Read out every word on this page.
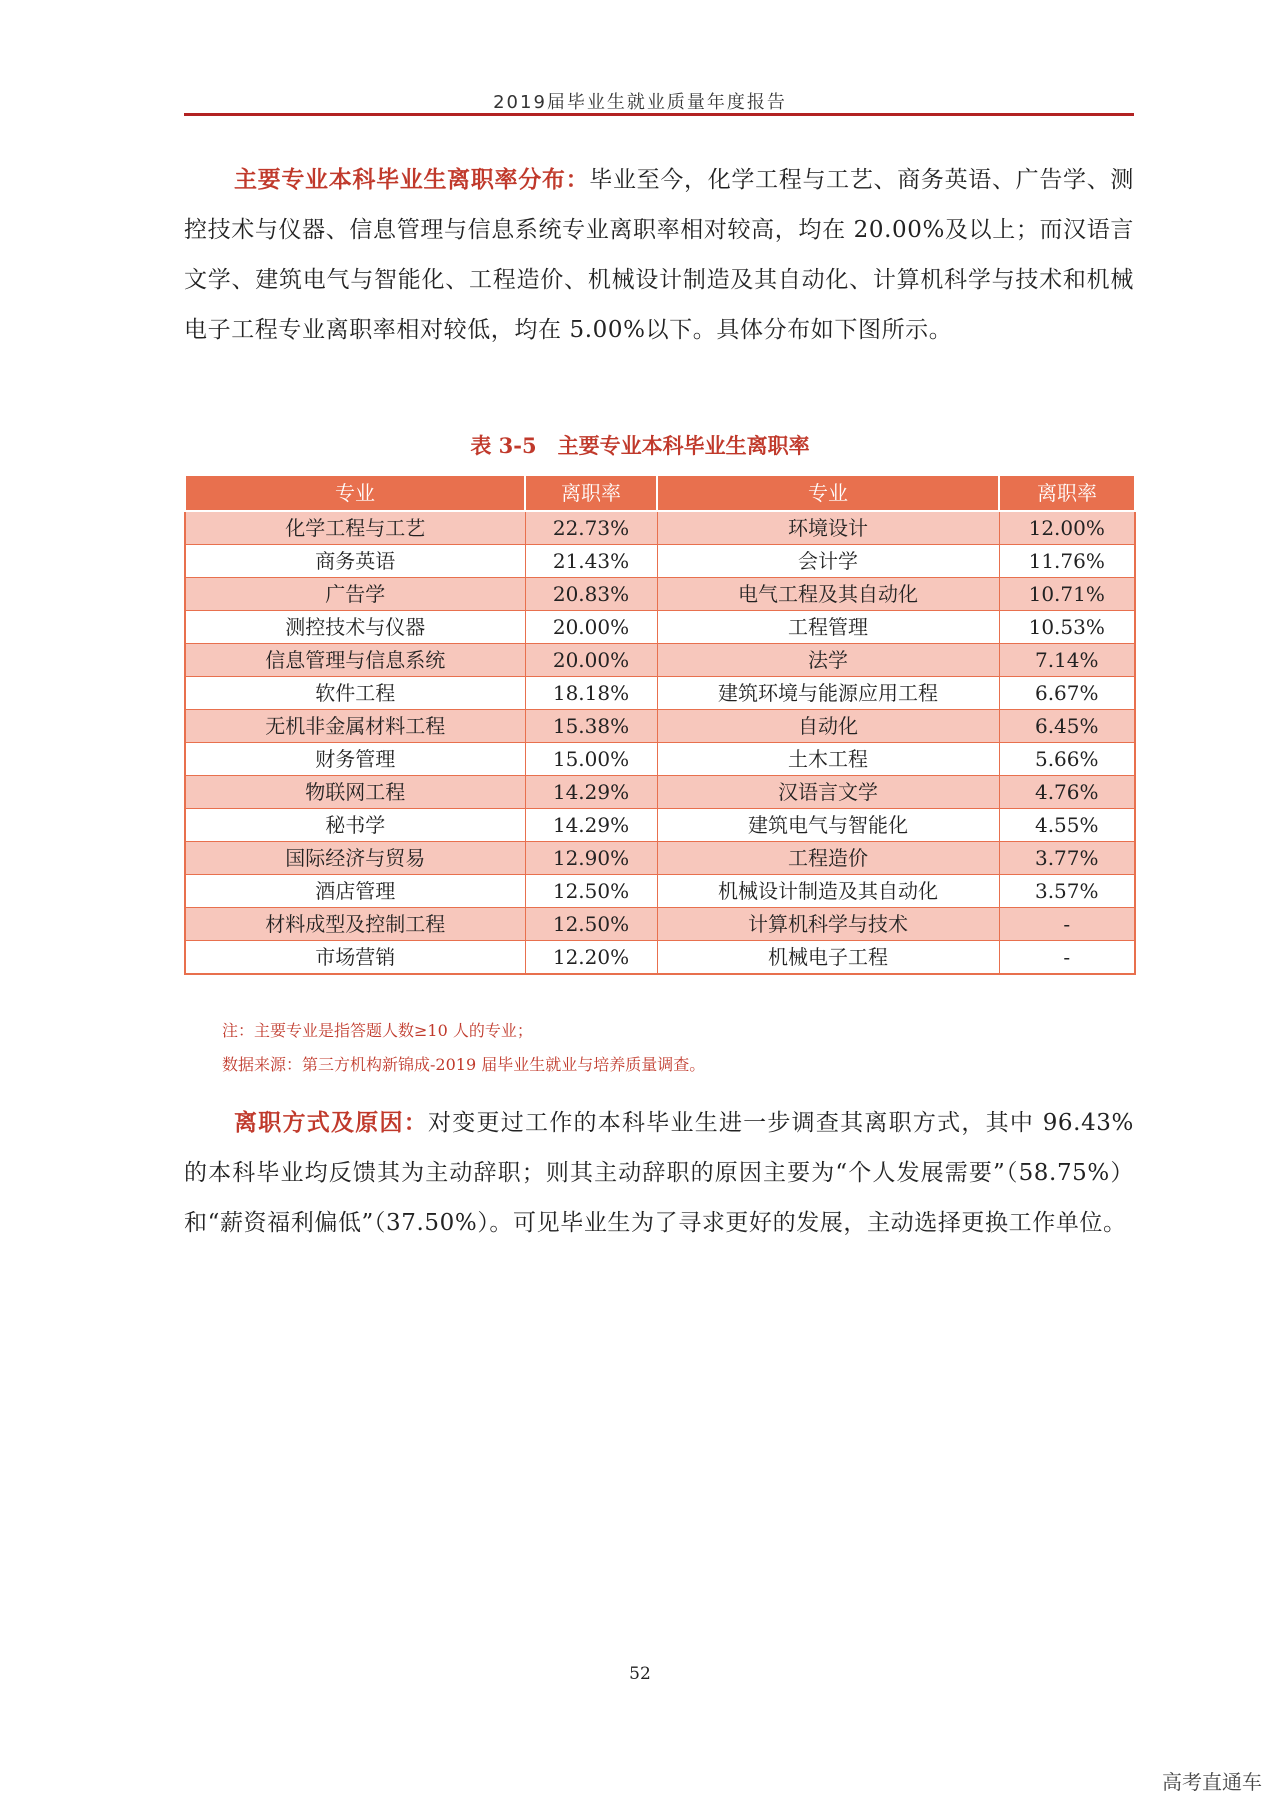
2019届毕业生就业质量年度报告
主要专业本科毕业生离职率分布：毕业至今，化学工程与工艺、商务英语、广告学、测控技术与仪器、信息管理与信息系统专业离职率相对较高，均在 20.00%及以上；而汉语言文学、建筑电气与智能化、工程造价、机械设计制造及其自动化、计算机科学与技术和机械电子工程专业离职率相对较低，均在 5.00%以下。具体分布如下图所示。
表 3-5　主要专业本科毕业生离职率
专业	离职率	专业	离职率
化学工程与工艺	22.73%	环境设计	12.00%
商务英语	21.43%	会计学	11.76%
广告学	20.83%	电气工程及其自动化	10.71%
测控技术与仪器	20.00%	工程管理	10.53%
信息管理与信息系统	20.00%	法学	7.14%
软件工程	18.18%	建筑环境与能源应用工程	6.67%
无机非金属材料工程	15.38%	自动化	6.45%
财务管理	15.00%	土木工程	5.66%
物联网工程	14.29%	汉语言文学	4.76%
秘书学	14.29%	建筑电气与智能化	4.55%
国际经济与贸易	12.90%	工程造价	3.77%
酒店管理	12.50%	机械设计制造及其自动化	3.57%
材料成型及控制工程	12.50%	计算机科学与技术	-
市场营销	12.20%	机械电子工程	-
注：主要专业是指答题人数≥10 人的专业；
数据来源：第三方机构新锦成-2019 届毕业生就业与培养质量调查。
离职方式及原因：对变更过工作的本科毕业生进一步调查其离职方式，其中 96.43%的本科毕业均反馈其为主动辞职；则其主动辞职的原因主要为“个人发展需要”（58.75%）和“薪资福利偏低”（37.50%）。可见毕业生为了寻求更好的发展，主动选择更换工作单位。
52
高考直通车
